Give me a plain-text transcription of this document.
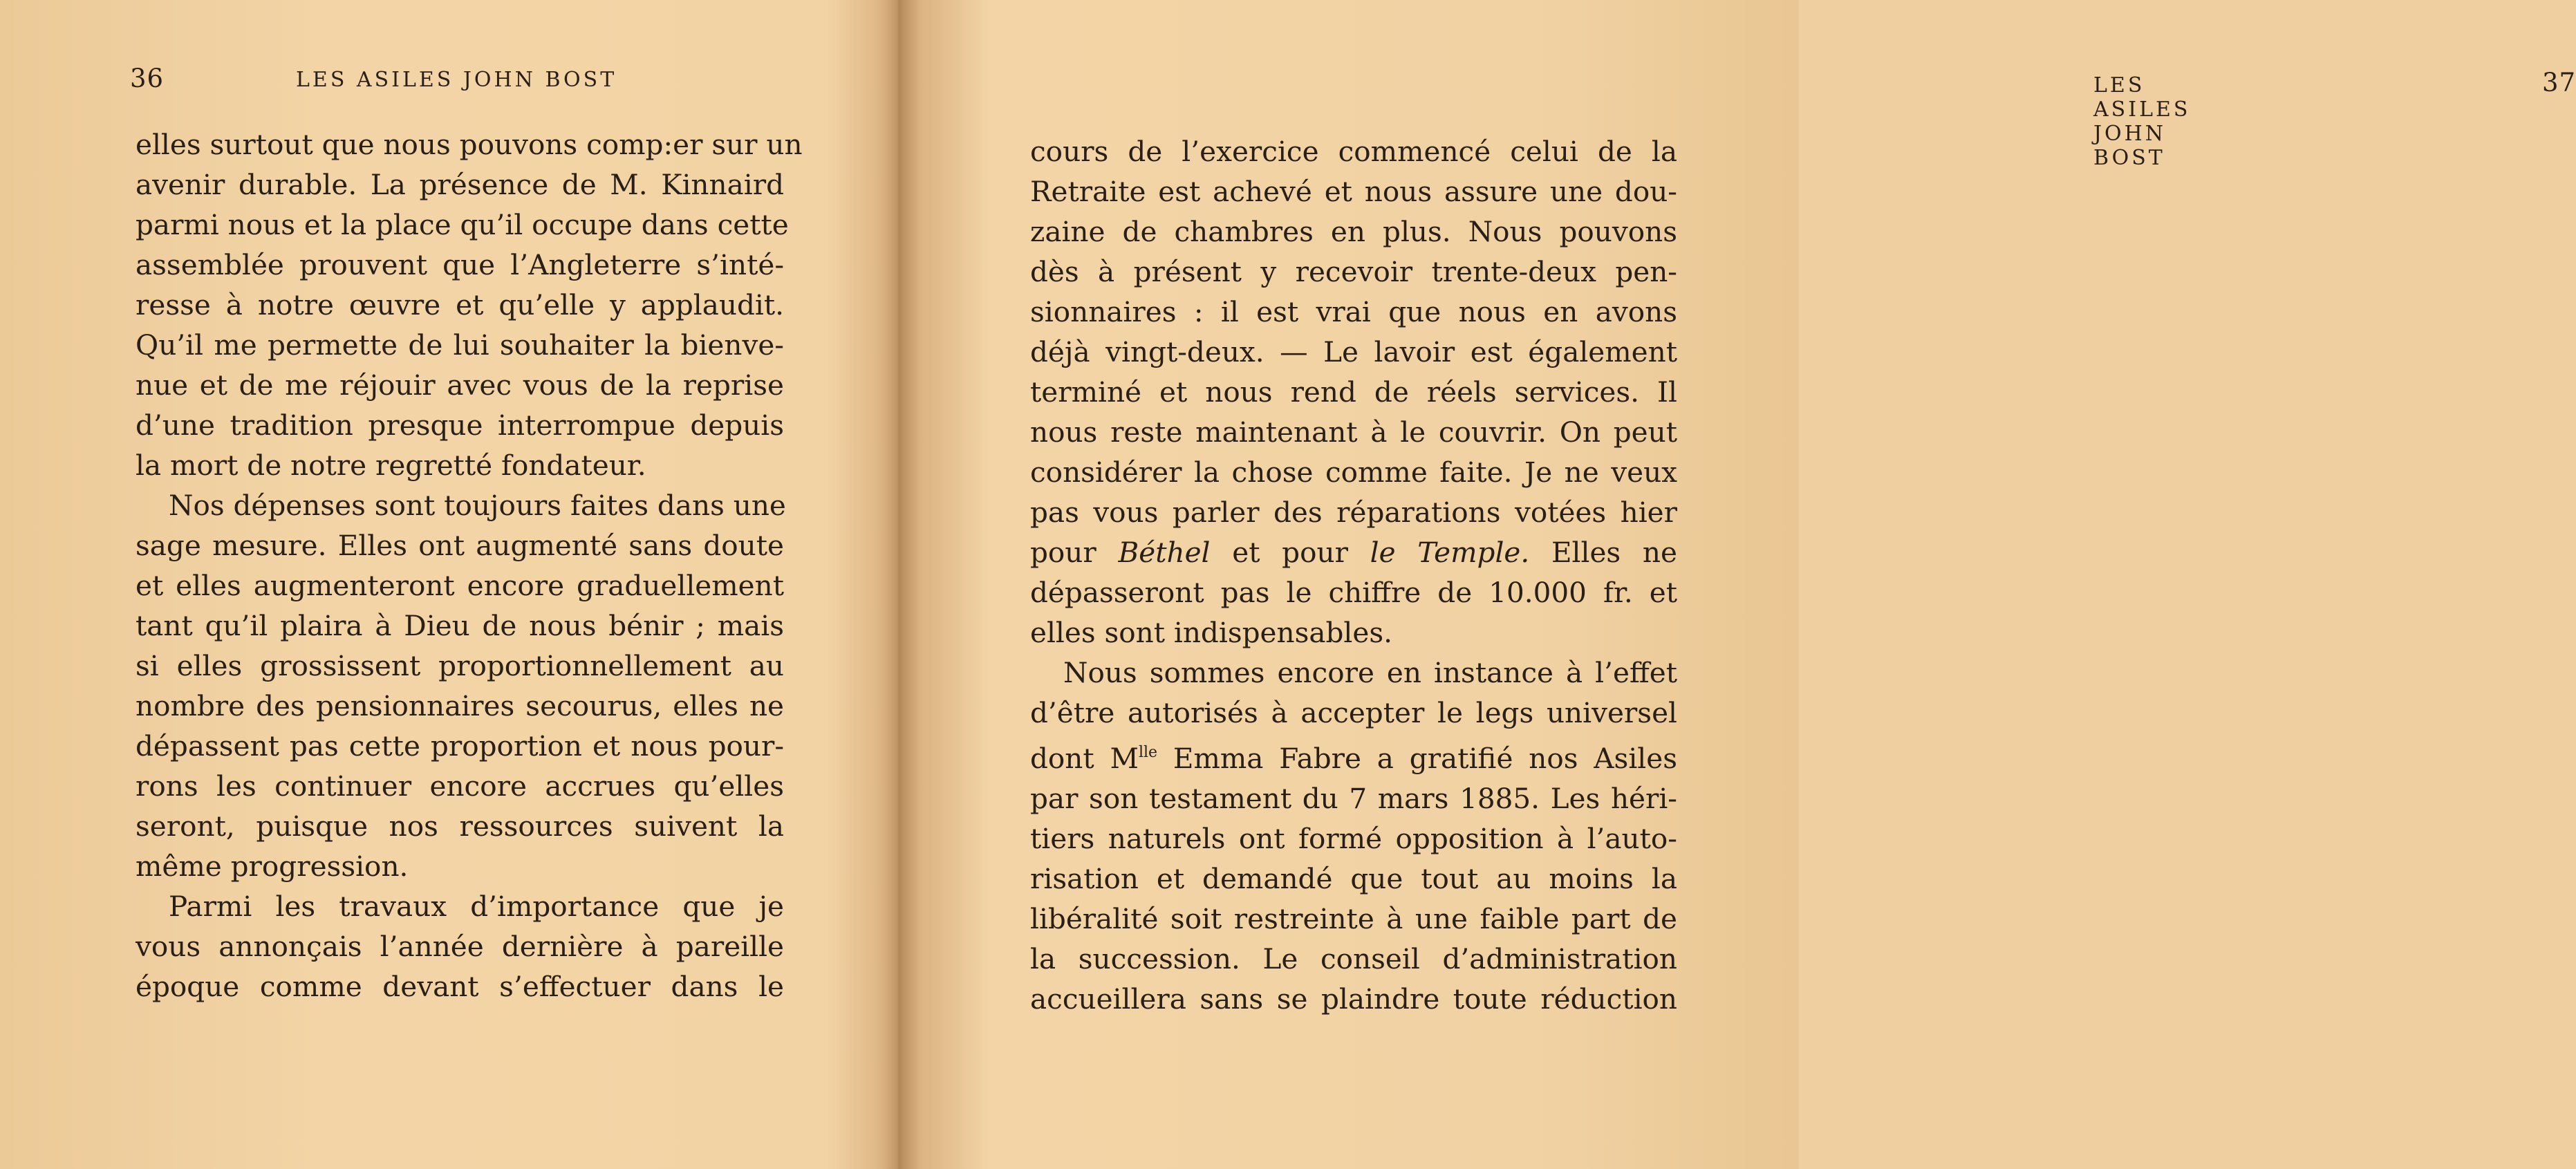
36	LES ASILES JOHN BOST

elles surtout que nous pouvons comp:er sur un
avenir durable. La présence de M. Kinnaird
parmi nous et la place qu’il occupe dans cette
assemblée prouvent que l’Angleterre s’inté-
resse à notre œuvre et qu’elle y applaudit.
Qu’il me permette de lui souhaiter la bienve-
nue et de me réjouir avec vous de la reprise
d’une tradition presque interrompue depuis
la mort de notre regretté fondateur.

Nos dépenses sont toujours faites dans une
sage mesure. Elles ont augmenté sans doute
et elles augmenteront encore graduellement
tant qu’il plaira à Dieu de nous bénir ; mais
si elles grossissent proportionnellement au
nombre des pensionnaires secourus, elles ne
dépassent pas cette proportion et nous pour-
rons les continuer encore accrues qu’elles
seront, puisque nos ressources suivent la
même progression.

Parmi les travaux d’importance que je
vous annonçais l’année dernière à pareille
époque comme devant s’effectuer dans le

LES ASILES JOHN BOST
37

cours de l’exercice commencé celui de la
Retraite est achevé et nous assure une dou-
zaine de chambres en plus. Nous pouvons
dès à présent y recevoir trente-deux pen-
sionnaires : il est vrai que nous en avons
déjà vingt-deux. — Le lavoir est également
terminé et nous rend de réels services. Il
nous reste maintenant à le couvrir. On peut
considérer la chose comme faite. Je ne veux
pas vous parler des réparations votées hier
pour Béthel et pour le Temple. Elles ne
dépasseront pas le chiffre de 10.000 fr. et
elles sont indispensables.

Nous sommes encore en instance à l’effet
d’être autorisés à accepter le legs universel
dont $M^{lle}$ Emma Fabre a gratifié nos Asiles
par son testament du 7 mars 1885. Les héri-
tiers naturels ont formé opposition à l’auto-
risation et demandé que tout au moins la
libéralité soit restreinte à une faible part de
la succession. Le conseil d’administration
accueillera sans se plaindre toute réduction
